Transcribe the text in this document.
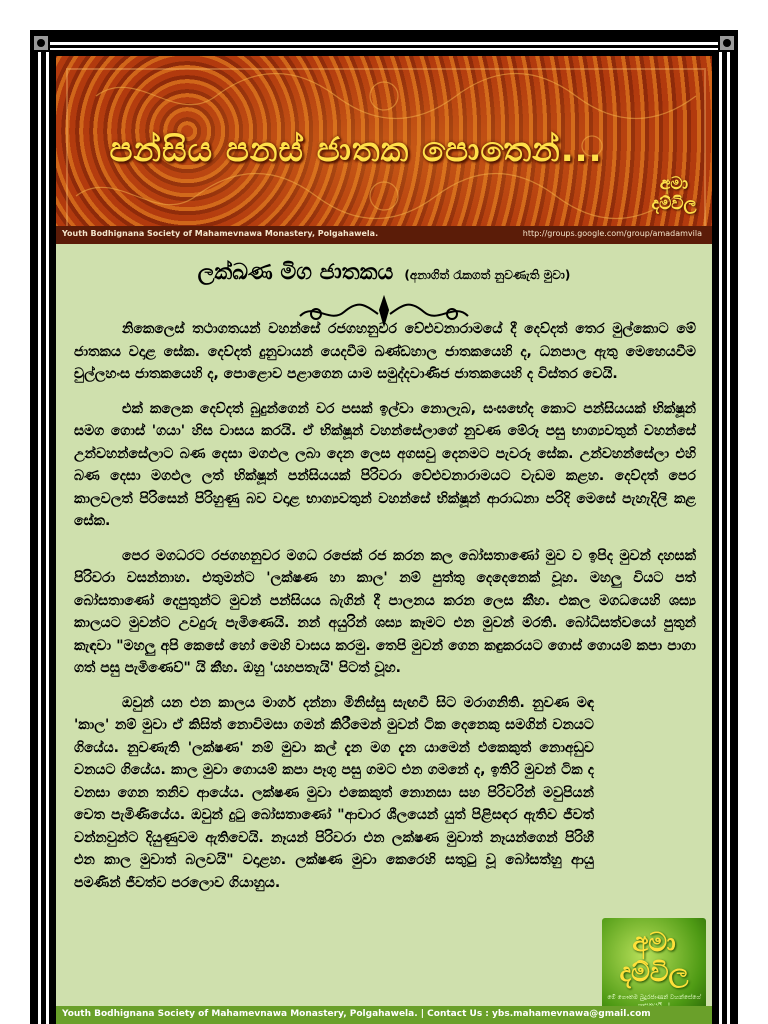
පන්සිය පනස් ජාතක පොතෙන්...
අමා
දම්විල
Youth Bodhignana Society of Mahamevnawa Monastery, Polgahawela.	http://groups.google.com/group/amadamvila
ලක්ඛණ මිග ජාතකය (අනාගිත් රැකගත් නුවණැති මුවා)

නිකෙලෙස් තථාගතයන් වහන්සේ රජගහනුවර වේළුවනාරාමයේ දී දෙව්දත් තෙර මුල්කොට මේ ජාතකය වදාළ සේක. දෙව්දත් දුනුවායන් යෙදවීම ඛණ්ඩහාල ජාතකයෙහි ද, ධනපාල ඇතු මෙහෙයවීම චුල්ලහංස ජාතකයෙහි ද, පොළොව පළාගෙන යාම සමුද්දවාණිජ ජාතකයෙහි ද විස්තර වෙයි.

එක් කලෙක දෙව්දත් බුදුන්ගෙන් වර පසක් ඉල්වා නොලැබ, සංඝභේද කොට පන්සියයක් භික්ෂූන් සමග ගොස් 'ගයා' හිස වාසය කරයි. ඒ භික්ෂූන් වහන්සේලාගේ නුවණ මේරූ පසු භාග්‍යවතුන් වහන්සේ උන්වහන්සේලාට බණ දෙසා මගඵල ලබා දෙන ලෙස අගසවු දෙනමට පැවරූ සේක. උන්වහන්සේලා එහි බණ දෙසා මගඵල ලත් භික්ෂූන් පන්සියයක් පිරිවරා වේළුවනාරාමයට වැඩම කළහ. දෙව්දත් පෙර කාලවලත් පිරිසෙන් පිරිහුණු බව වදාළ භාග්‍යවතුන් වහන්සේ භික්ෂූන් ආරාධනා පරිදි මෙසේ පැහැදිලි කළ සේක.

පෙර මගධරට රජගහනුවර මගධ රජෙක් රජ කරන කල බෝසතාණෝ මුව ව ඉපිද මුවන් දහසක් පිරිවරා වසන්නාහ. එතුමන්ට 'ලක්ෂණ හා කාල' නම් පුත්තු දෙදෙනෙක් වූහ. මහලු වියට පත් බෝසතාණෝ දෙපුතුන්ට මුවන් පන්සියය බැගින් දී පාලනය කරන ලෙස කීහ. එකල මගධයෙහි ශස්‍ය කාලයට මුවන්ට උවදුරු පැමිණෙයි. නන් අයුරින් ශස්‍ය කෑමට එන මුවන් මරති. බෝධිසත්වයෝ පුතුන් කැඳවා "මහලු අපි කෙසේ හෝ මෙහි වාසය කරමු. තෙපි මුවන් ගෙන කඳුකරයට ගොස් ගොයම් කපා පාගා ගත් පසු පැමිණෙව්" යි කීහ. ඔහු 'යහපතැයි' පිටත් වූහ.

ඔවුන් යන එන කාලය මාර්ග දන්නා මිනිස්සු සැඟවී සිට මරාගනිති. නුවණ මඳ 'කාල' නම් මුවා ඒ කිසිත් නොවිමසා ගමන් කිරීමෙන් මුවන් ටික දෙනෙකු සමගින් වනයට ගියේය. නුවණැති 'ලක්ෂණ' නම් මුවා කල් දැන මග දැන යාමෙන් එකෙකුත් නොඅඩුව වනයට ගියේය. කාල මුවා ගොයම් කපා පෑගු පසු ගමට එන ගමනේ ද, ඉතිරි මුවන් ටික ද වනසා ගෙන තනිව ආයේය. ලක්ෂණ මුවා එකෙකුත් නොනසා සහ පිරිවරින් මවුපියන් වෙත පැමිණියේය. ඔවුන් දුටු බෝසතාණෝ "ආචාර ශීලයෙන් යුත් පිළිසඳර ඇතිව ජීවත් වන්නවුන්ට දියුණුවම ඇතිවෙයි. නෑයන් පිරිවරා එන ලක්ෂණ මුවාත් නෑයන්ගෙන් පිරිහී එන කාල මුවාත් බලවයි" වදාළහ. ලක්ෂණ මුවා කෙරෙහි සතුටු වූ බෝසත්හු ආයු පමණින් ජීවත්ව පරලොව ගියාහුය.

අමා
දම්විල
මේ ගෞතම බුදුරජාණන් වහන්සේගේ
Youth Bodhignana Society of Mahamevnawa Monastery, Polgahawela. | Contact Us : ybs.mahamevnawa@gmail.com
